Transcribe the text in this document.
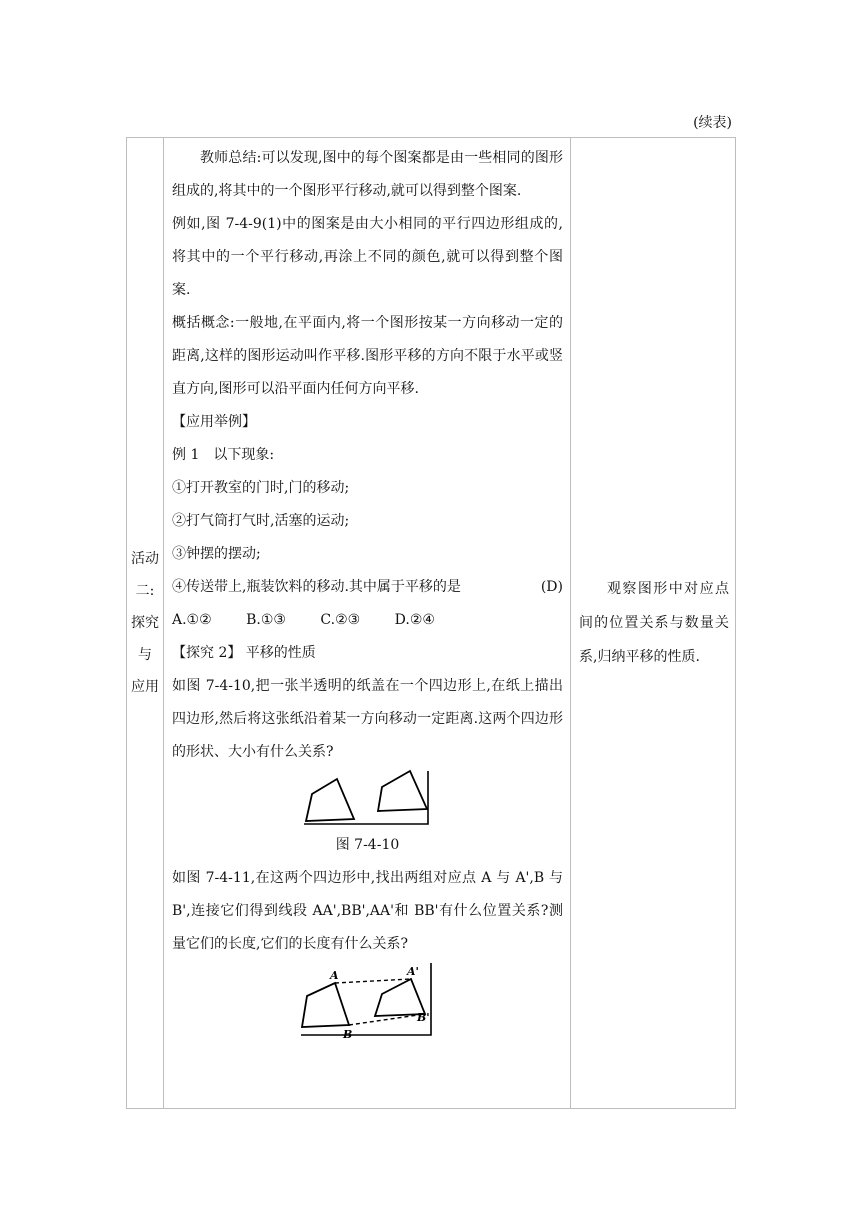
(续表)
活动
二:
探究
与
应用

教师总结:可以发现,图中的每个图案都是由一些相同的图形组成的,将其中的一个图形平行移动,就可以得到整个图案.

例如,图 7-4-9(1)中的图案是由大小相同的平行四边形组成的,将其中的一个平行移动,再涂上不同的颜色,就可以得到整个图案.

概括概念:一般地,在平面内,将一个图形按某一方向移动一定的距离,这样的图形运动叫作平移.图形平移的方向不限于水平或竖直方向,图形可以沿平面内任何方向平移.

【应用举例】

例 1　以下现象:

①打开教室的门时,门的移动;

②打气筒打气时,活塞的运动;

③钟摆的摆动;

④传送带上,瓶装饮料的移动.其中属于平移的是	(D)

A.①② B.①③ C.②③ D.②④

【探究 2】 平移的性质

如图 7-4-10,把一张半透明的纸盖在一个四边形上,在纸上描出四边形,然后将这张纸沿着某一方向移动一定距离.这两个四边形的形状、大小有什么关系?

图 7-4-10

如图 7-4-11,在这两个四边形中,找出两组对应点 A 与 A',B 与 B',连接它们得到线段 AA',BB',AA'和 BB'有什么位置关系?测量它们的长度,它们的长度有什么关系?

A	A'
B
B'

观察图形中对应点间的位置关系与数量关系,归纳平移的性质.
